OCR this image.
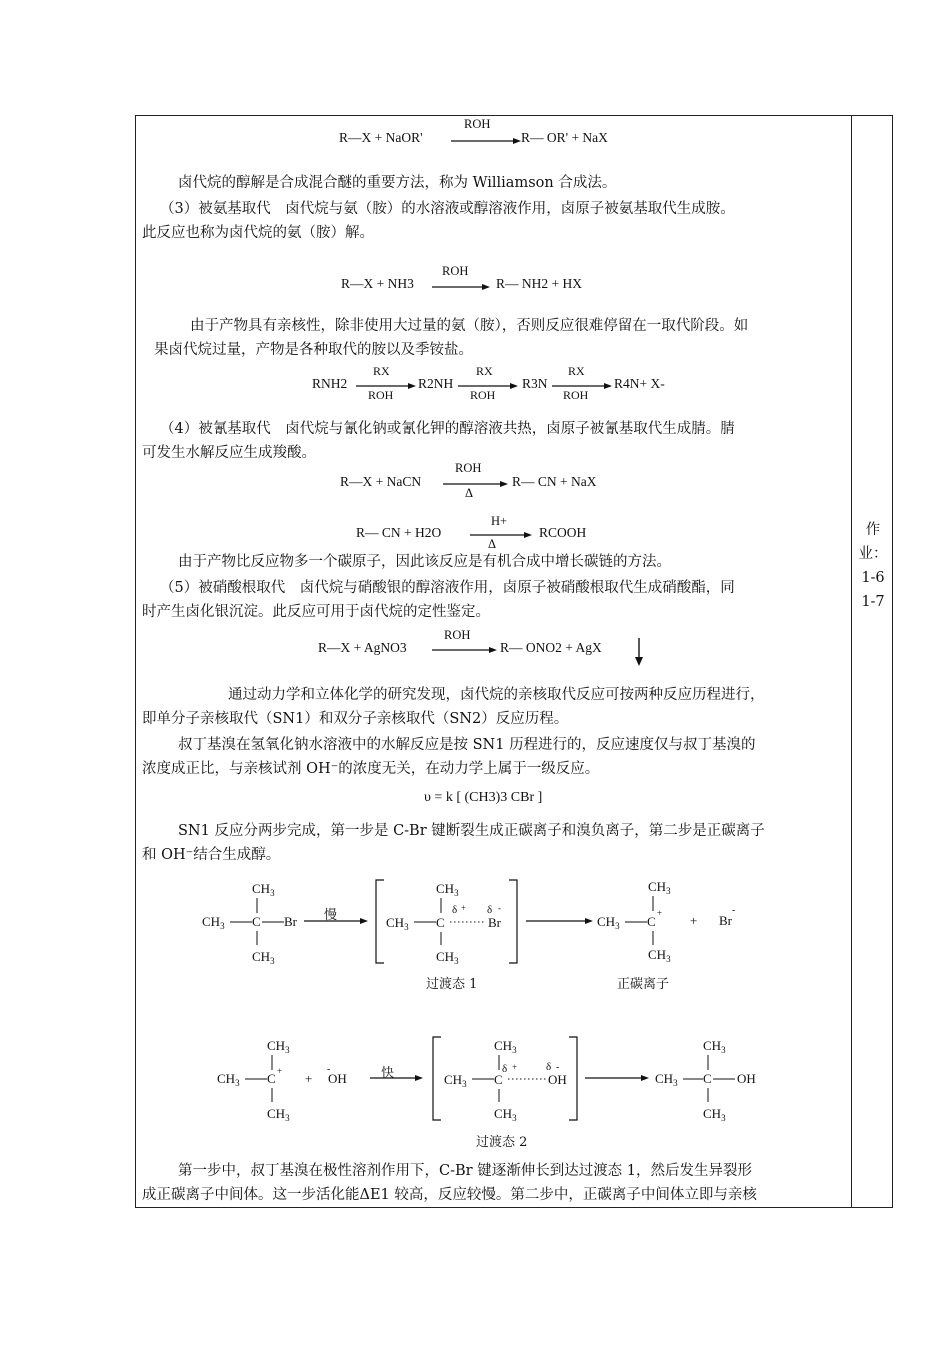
作
业：
1-6
1-7
R—X + NaOR'
ROH
R— OR' + NaX
卤代烷的醇解是合成混合醚的重要方法，称为 Williamson 合成法。
（3）被氨基取代　卤代烷与氨（胺）的水溶液或醇溶液作用，卤原子被氨基取代生成胺。
此反应也称为卤代烷的氨（胺）解。
R—X + NH3
ROH
R— NH2 + HX
由于产物具有亲核性，除非使用大过量的氨（胺），否则反应很难停留在一取代阶段。如
果卤代烷过量，产物是各种取代的胺以及季铵盐。
RNH2
RX
ROH
R2NH
RX
ROH
R3N
RX
ROH
R4N+ X-
（4）被氰基取代　卤代烷与氰化钠或氰化钾的醇溶液共热，卤原子被氰基取代生成腈。腈
可发生水解反应生成羧酸。
R—X + NaCN
ROH
Δ
R— CN + NaX
R— CN + H2O
H+
Δ
RCOOH
由于产物比反应物多一个碳原子，因此该反应是有机合成中增长碳链的方法。
（5）被硝酸根取代　卤代烷与硝酸银的醇溶液作用，卤原子被硝酸根取代生成硝酸酯，同
时产生卤化银沉淀。此反应可用于卤代烷的定性鉴定。
R—X + AgNO3
ROH
R— ONO2 + AgX
通过动力学和立体化学的研究发现，卤代烷的亲核取代反应可按两种反应历程进行，
即单分子亲核取代（SN1）和双分子亲核取代（SN2）反应历程。
叔丁基溴在氢氧化钠水溶液中的水解反应是按 SN1 历程进行的，反应速度仅与叔丁基溴的
浓度成正比，与亲核试剂 OH⁻的浓度无关，在动力学上属于一级反应。
υ = k [ (CH3)3 CBr ]
SN1 反应分两步完成，第一步是 C-Br 键断裂生成正碳离子和溴负离子，第二步是正碳离子
和 OH⁻结合生成醇。
$CH_3$
$CH_3$ C Br
$CH_3$
$CH_3$
$CH_3$ C
δ + δ -
Br
$CH_3$
$CH_3$
$CH_3$ C
+
$CH_3$
+ Br
-
过渡态 1	正碳离子
慢
$CH_3$
$CH_3$ C +
$CH_3$
+
-
OH
$CH_3$
$CH_3$ C
δ +	δ -
OH
$CH_3$
$CH_3$
$CH_3$ C OH
$CH_3$
快
过渡态 2
第一步中，叔丁基溴在极性溶剂作用下，C-Br 键逐渐伸长到达过渡态 1，然后发生异裂形
成正碳离子中间体。这一步活化能ΔE1 较高，反应较慢。第二步中，正碳离子中间体立即与亲核
